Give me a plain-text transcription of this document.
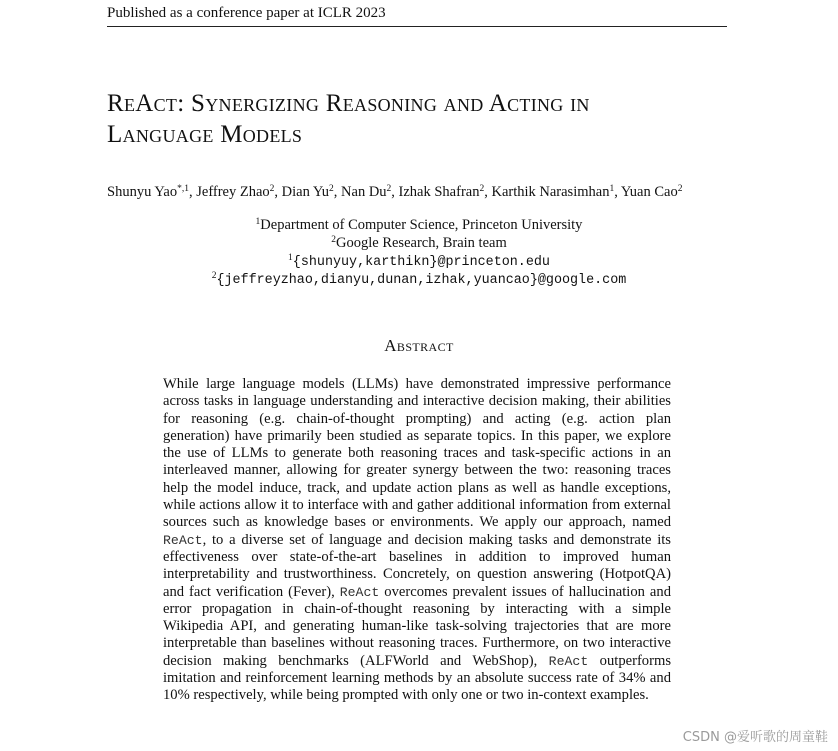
Published as a conference paper at ICLR 2023
ReAct: Synergizing Reasoning and Acting in
Language Models
Shunyu Yao$^{*,1}$, Jeffrey Zhao$^2$, Dian Yu$^2$, Nan Du$^2$, Izhak Shafran$^2$, Karthik Narasimhan$^1$, Yuan Cao$^2$
$^1$Department of Computer Science, Princeton University
$^2$Google Research, Brain team
$^1${shunyuy,karthikn}@princeton.edu
$^2${jeffreyzhao,dianyu,dunan,izhak,yuancao}@google.com
Abstract

While large language models (LLMs) have demonstrated impressive performance across tasks in language understanding and interactive decision making, their abilities for reasoning (e.g. chain-of-thought prompting) and acting (e.g. action plan generation) have primarily been studied as separate topics. In this paper, we explore the use of LLMs to generate both reasoning traces and task-specific actions in an interleaved manner, allowing for greater synergy between the two: reasoning traces help the model induce, track, and update action plans as well as handle exceptions, while actions allow it to interface with and gather additional information from external sources such as knowledge bases or environments. We apply our approach, named ReAct, to a diverse set of language and decision making tasks and demonstrate its effectiveness over state-of-the-art baselines in addition to improved human interpretability and trustworthiness. Concretely, on question answering (HotpotQA) and fact verification (Fever), ReAct overcomes prevalent issues of hallucination and error propagation in chain-of-thought reasoning by interacting with a simple Wikipedia API, and generating human-like task-solving trajectories that are more interpretable than baselines without reasoning traces. Furthermore, on two interactive decision making benchmarks (ALFWorld and WebShop), ReAct outperforms imitation and reinforcement learning methods by an absolute success rate of 34% and 10% respectively, while being prompted with only one or two in-context examples.

CSDN @爱听歌的周童鞋
